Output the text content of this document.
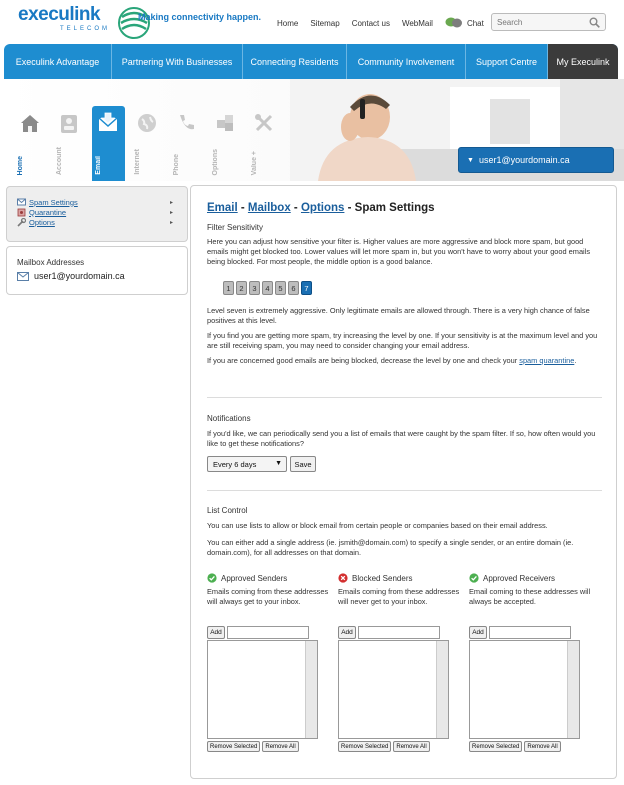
execulink
TELECOM
Making connectivity happen.
Home Sitemap Contact us WebMail	Chat
Search
Execulink Advantage	Partnering With Businesses	Connecting Residents	Community Involvement	Support Centre	My Execulink
Home	Account	Email	Internet	Phone	Options	Value +	▼ user1@yourdomain.ca
Spam Settings	▸
Quarantine	▸
Options	▸
Mailbox Addresses
user1@yourdomain.ca
Email - Mailbox - Options - Spam Settings
Filter Sensitivity
Here you can adjust how sensitive your filter is. Higher values are more aggressive and block more spam, but good emails might get blocked too. Lower values will let more spam in, but you won't have to worry about your good emails being blocked. For most people, the middle option is a good balance.
1	2	3	4	5	6	7
Level seven is extremely aggressive. Only legitimate emails are allowed through. There is a very high chance of false positives at this level.
If you find you are getting more spam, try increasing the level by one. If your sensitivity is at the maximum level and you are still receiving spam, you may need to consider changing your email address.
If you are concerned good emails are being blocked, decrease the level by one and check your spam quarantine.
Notifications
If you'd like, we can periodically send you a list of emails that were caught by the spam filter. If so, how often would you like to get these notifications?
Every 6 days	▼	Save
List Control
You can use lists to allow or block email from certain people or companies based on their email address.
You can either add a single address (ie. jsmith@domain.com) to specify a single sender, or an entire domain (ie. domain.com), for all addresses on that domain.
Approved Senders
Emails coming from these addresses will always get to your inbox.
Add
Remove Selected	Remove All
Blocked Senders
Emails coming from these addresses will never get to your inbox.
Add
Remove Selected	Remove All
Approved Receivers
Email coming to these addresses will always be accepted.
Add
Remove Selected	Remove All
